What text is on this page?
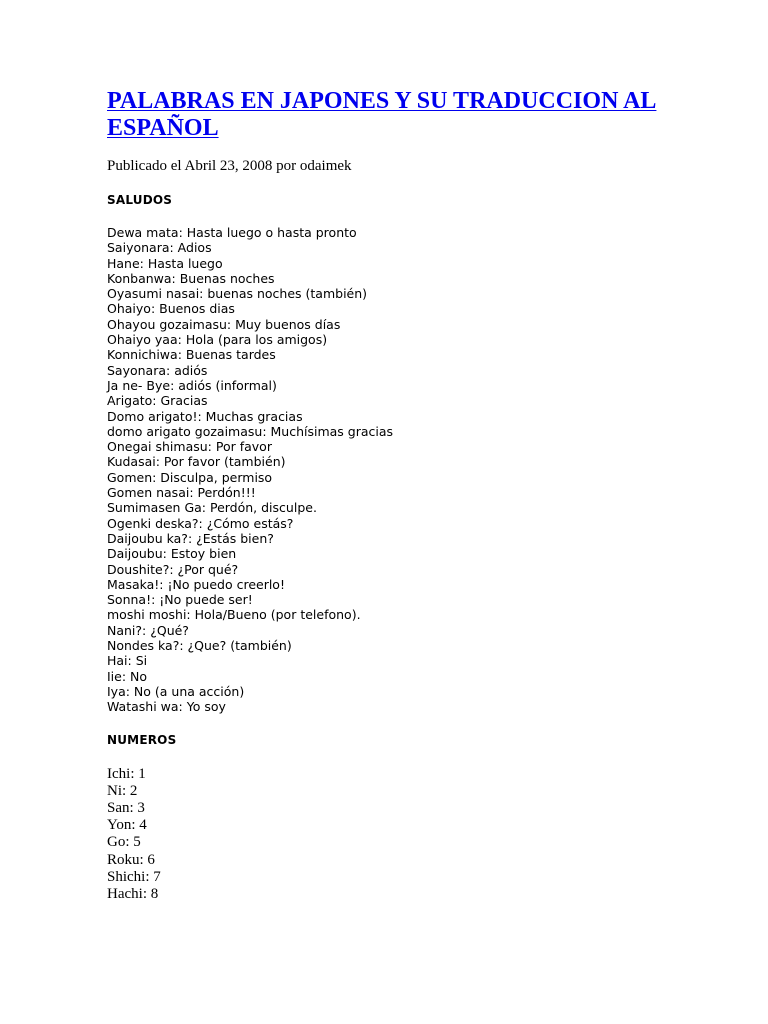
PALABRAS EN JAPONES Y SU TRADUCCION AL ESPAÑOL
Publicado el Abril 23, 2008 por odaimek
SALUDOS
Dewa mata: Hasta luego o hasta pronto
Saiyonara: Adios
Hane: Hasta luego
Konbanwa: Buenas noches
Oyasumi nasai: buenas noches (también)
Ohaiyo: Buenos dias
Ohayou gozaimasu: Muy buenos días
Ohaiyo yaa: Hola (para los amigos)
Konnichiwa: Buenas tardes
Sayonara: adiós
Ja ne- Bye: adiós (informal)
Arigato: Gracias
Domo arigato!: Muchas gracias
domo arigato gozaimasu: Muchísimas gracias
Onegai shimasu: Por favor
Kudasai: Por favor (también)
Gomen: Disculpa, permiso
Gomen nasai: Perdón!!!
Sumimasen Ga: Perdón, disculpe.
Ogenki deska?: ¿Cómo estás?
Daijoubu ka?: ¿Estás bien?
Daijoubu: Estoy bien
Doushite?: ¿Por qué?
Masaka!: ¡No puedo creerlo!
Sonna!: ¡No puede ser!
moshi moshi: Hola/Bueno (por telefono).
Nani?: ¿Qué?
Nondes ka?: ¿Que? (también)
Hai: Si
Iie: No
Iya: No (a una acción)
Watashi wa: Yo soy
NUMEROS
Ichi: 1
Ni: 2
San: 3
Yon: 4
Go: 5
Roku: 6
Shichi: 7
Hachi: 8
